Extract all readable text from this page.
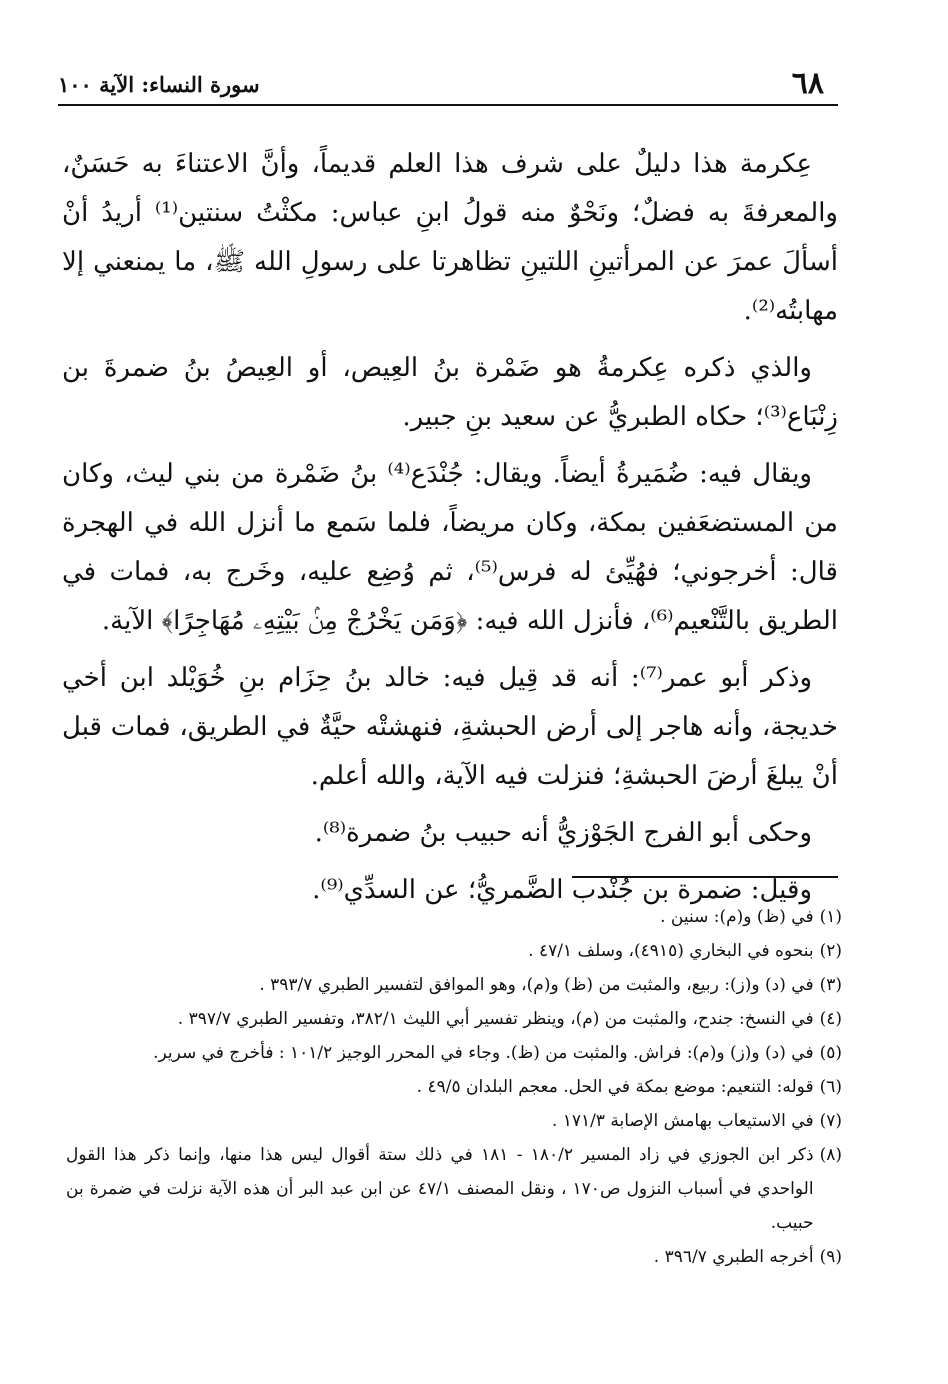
٦٨
سورة النساء: الآية ١٠٠

عِكرمة هذا دليلٌ على شرف هذا العلم قديماً، وأنَّ الاعتناءَ به حَسَنٌ، والمعرفةَ به فضلٌ؛ ونَحْوٌ منه قولُ ابنِ عباس: مكثْتُ سنتين⁽¹⁾ أريدُ أنْ أسألَ عمرَ عن المرأتينِ اللتينِ تظاهرتا على رسولِ الله ﷺ، ما يمنعني إلا مهابتُه⁽²⁾.

والذي ذكره عِكرمةُ هو ضَمْرة بنُ العِيص، أو العِيصُ بنُ ضمرةَ بن زِنْبَاع⁽³⁾؛ حكاه الطبريُّ عن سعيد بنِ جبير.

ويقال فيه: ضُمَيرةُ أيضاً. ويقال: جُنْدَع⁽⁴⁾ بنُ ضَمْرة من بني ليث، وكان من المستضعَفين بمكة، وكان مريضاً، فلما سَمع ما أنزل الله في الهجرة قال: أخرجوني؛ فهُيِّئ له فرس⁽⁵⁾، ثم وُضِع عليه، وخَرج به، فمات في الطريق بالتَّنْعيم⁽⁶⁾، فأنزل الله فيه: ﴿وَمَن يَخْرُجْ مِنۢ بَيْتِهِۦ مُهَاجِرًا﴾ الآية.

وذكر أبو عمر⁽⁷⁾: أنه قد قِيل فيه: خالد بنُ حِزَام بنِ خُوَيْلد ابن أخي خديجة، وأنه هاجر إلى أرض الحبشةِ، فنهشتْه حيَّةٌ في الطريق، فمات قبل أنْ يبلغَ أرضَ الحبشةِ؛ فنزلت فيه الآية، والله أعلم.

وحكى أبو الفرج الجَوْزيُّ أنه حبيب بنُ ضمرة⁽⁸⁾.

وقيل: ضمرة بن جُنْدب الضَّمريُّ؛ عن السدِّي⁽⁹⁾.

(١)
في (ظ) و(م): سنين .

(٢)
بنحوه في البخاري (٤٩١٥)، وسلف ٤٧/١ .

(٣)
في (د) و(ز): ربيع، والمثبت من (ظ) و(م)، وهو الموافق لتفسير الطبري ٣٩٣/٧ .

(٤)
في النسخ: جندح، والمثبت من (م)، وينظر تفسير أبي الليث ٣٨٢/١، وتفسير الطبري ٣٩٧/٧ .

(٥)
في (د) و(ز) و(م): فراش. والمثبت من (ظ). وجاء في المحرر الوجيز ١٠١/٢ : فأخرج في سرير.

(٦)
قوله: التنعيم: موضع بمكة في الحل. معجم البلدان ٤٩/٥ .

(٧)
في الاستيعاب بهامش الإصابة ١٧١/٣ .

(٨)
ذكر ابن الجوزي في زاد المسير ١٨٠/٢ - ١٨١ في ذلك ستة أقوال ليس هذا منها، وإنما ذكر هذا القول الواحدي في أسباب النزول ص١٧٠ ، ونقل المصنف ٤٧/١ عن ابن عبد البر أن هذه الآية نزلت في ضمرة بن حبيب.

(٩)
أخرجه الطبري ٣٩٦/٧ .
